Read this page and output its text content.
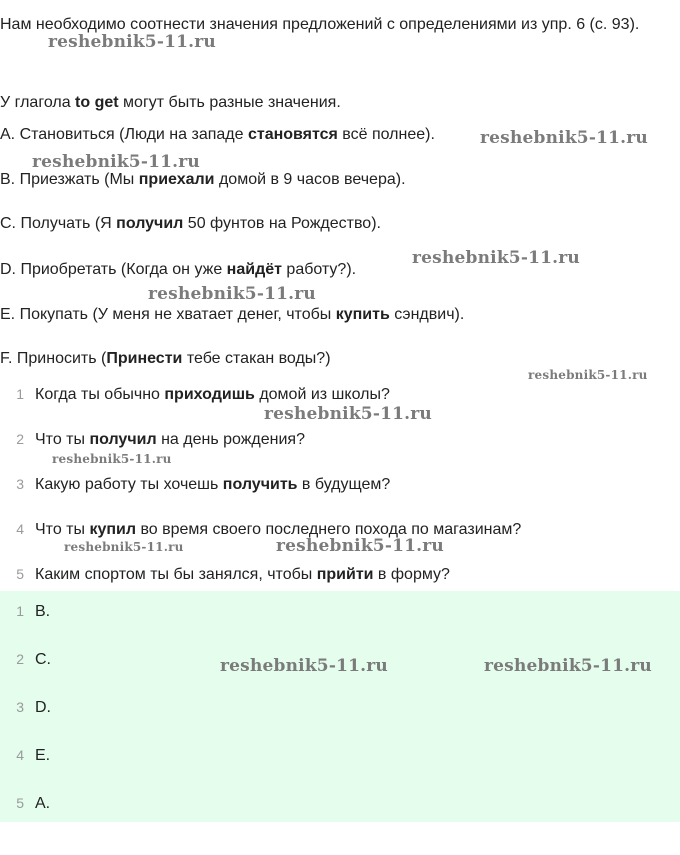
Нам необходимо соотнести значения предложений с определениями из упр. 6 (с. 93).
У глагола to get могут быть разные значения.
A. Становиться (Люди на западе становятся всё полнее).
B. Приезжать (Мы приехали домой в 9 часов вечера).
C. Получать (Я получил 50 фунтов на Рождество).
D. Приобретать (Когда он уже найдёт работу?).
E. Покупать (У меня не хватает денег, чтобы купить сэндвич).
F. Приносить (Принести тебе стакан воды?)
1 Когда ты обычно приходишь домой из школы?
2 Что ты получил на день рождения?
3 Какую работу ты хочешь получить в будущем?
4 Что ты купил во время своего последнего похода по магазинам?
5 Каким спортом ты бы занялся, чтобы прийти в форму?
1 B.
2 C.
3 D.
4 E.
5 A.
reshebnik5-11.ru
reshebnik5-11.ru
reshebnik5-11.ru
reshebnik5-11.ru
reshebnik5-11.ru
reshebnik5-11.ru
reshebnik5-11.ru
reshebnik5-11.ru
reshebnik5-11.ru	reshebnik5-11.ru
reshebnik5-11.ru	reshebnik5-11.ru
